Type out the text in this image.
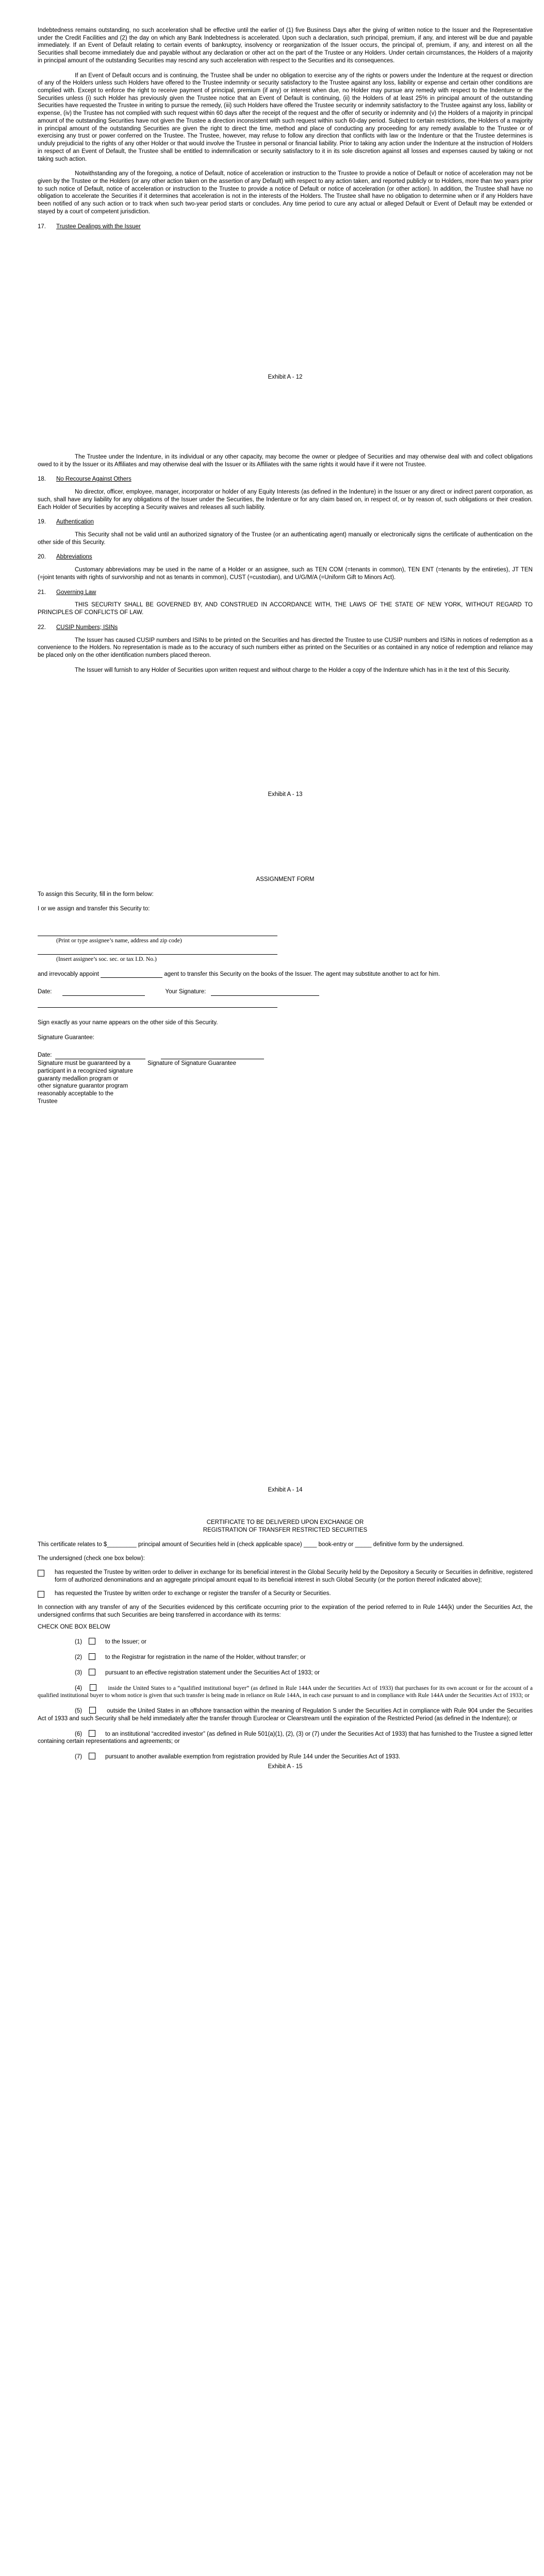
Indebtedness remains outstanding, no such acceleration shall be effective until the earlier of (1) five Business Days after the giving of written notice to the Issuer and the Representative under the Credit Facilities and (2) the day on which any Bank Indebtedness is accelerated. Upon such a declaration, such principal, premium, if any, and interest will be due and payable immediately. If an Event of Default relating to certain events of bankruptcy, insolvency or reorganization of the Issuer occurs, the principal of, premium, if any, and interest on all the Securities shall become immediately due and payable without any declaration or other act on the part of the Trustee or any Holders. Under certain circumstances, the Holders of a majority in principal amount of the outstanding Securities may rescind any such acceleration with respect to the Securities and its consequences.

If an Event of Default occurs and is continuing, the Trustee shall be under no obligation to exercise any of the rights or powers under the Indenture at the request or direction of any of the Holders unless such Holders have offered to the Trustee indemnity or security satisfactory to the Trustee against any loss, liability or expense and certain other conditions are complied with. Except to enforce the right to receive payment of principal, premium (if any) or interest when due, no Holder may pursue any remedy with respect to the Indenture or the Securities unless (i) such Holder has previously given the Trustee notice that an Event of Default is continuing, (ii) the Holders of at least 25% in principal amount of the outstanding Securities have requested the Trustee in writing to pursue the remedy, (iii) such Holders have offered the Trustee security or indemnity satisfactory to the Trustee against any loss, liability or expense, (iv) the Trustee has not complied with such request within 60 days after the receipt of the request and the offer of security or indemnity and (v) the Holders of a majority in principal amount of the outstanding Securities have not given the Trustee a direction inconsistent with such request within such 60-day period. Subject to certain restrictions, the Holders of a majority in principal amount of the outstanding Securities are given the right to direct the time, method and place of conducting any proceeding for any remedy available to the Trustee or of exercising any trust or power conferred on the Trustee. The Trustee, however, may refuse to follow any direction that conflicts with law or the Indenture or that the Trustee determines is unduly prejudicial to the rights of any other Holder or that would involve the Trustee in personal or financial liability. Prior to taking any action under the Indenture at the instruction of Holders in respect of an Event of Default, the Trustee shall be entitled to indemnification or security satisfactory to it in its sole discretion against all losses and expenses caused by taking or not taking such action.

Notwithstanding any of the foregoing, a notice of Default, notice of acceleration or instruction to the Trustee to provide a notice of Default or notice of acceleration may not be given by the Trustee or the Holders (or any other action taken on the assertion of any Default) with respect to any action taken, and reported publicly or to Holders, more than two years prior to such notice of Default, notice of acceleration or instruction to the Trustee to provide a notice of Default or notice of acceleration (or other action). In addition, the Trustee shall have no obligation to accelerate the Securities if it determines that acceleration is not in the interests of the Holders. The Trustee shall have no obligation to determine when or if any Holders have been notified of any such action or to track when such two-year period starts or concludes. Any time period to cure any actual or alleged Default or Event of Default may be extended or stayed by a court of competent jurisdiction.

17.	Trustee Dealings with the Issuer
Exhibit A - 12

The Trustee under the Indenture, in its individual or any other capacity, may become the owner or pledgee of Securities and may otherwise deal with and collect obligations owed to it by the Issuer or its Affiliates and may otherwise deal with the Issuer or its Affiliates with the same rights it would have if it were not Trustee.

18.	No Recourse Against Others

No director, officer, employee, manager, incorporator or holder of any Equity Interests (as defined in the Indenture) in the Issuer or any direct or indirect parent corporation, as such, shall have any liability for any obligations of the Issuer under the Securities, the Indenture or for any claim based on, in respect of, or by reason of, such obligations or their creation. Each Holder of Securities by accepting a Security waives and releases all such liability.

19.	Authentication

This Security shall not be valid until an authorized signatory of the Trustee (or an authenticating agent) manually or electronically signs the certificate of authentication on the other side of this Security.

20.	Abbreviations

Customary abbreviations may be used in the name of a Holder or an assignee, such as TEN COM (=tenants in common), TEN ENT (=tenants by the entireties), JT TEN (=joint tenants with rights of survivorship and not as tenants in common), CUST (=custodian), and U/G/M/A (=Uniform Gift to Minors Act).

21.	Governing Law

THIS SECURITY SHALL BE GOVERNED BY, AND CONSTRUED IN ACCORDANCE WITH, THE LAWS OF THE STATE OF NEW YORK, WITHOUT REGARD TO PRINCIPLES OF CONFLICTS OF LAW.

22.	CUSIP Numbers; ISINs

The Issuer has caused CUSIP numbers and ISINs to be printed on the Securities and has directed the Trustee to use CUSIP numbers and ISINs in notices of redemption as a convenience to the Holders. No representation is made as to the accuracy of such numbers either as printed on the Securities or as contained in any notice of redemption and reliance may be placed only on the other identification numbers placed thereon.

The Issuer will furnish to any Holder of Securities upon written request and without charge to the Holder a copy of the Indenture which has in it the text of this Security.

Exhibit A - 13
ASSIGNMENT FORM

To assign this Security, fill in the form below:

I or we assign and transfer this Security to:

(Print or type assignee’s name, address and zip code)
(Insert assignee’s soc. sec. or tax I.D. No.)
and irrevocably appoint	agent to transfer this Security on the books of the Issuer. The agent may substitute another to act for him.
Date:	Your Signature:

Sign exactly as your name appears on the other side of this Security.

Signature Guarantee:

Date:
Signature must be guaranteed by a participant in a recognized signature guaranty medallion program or other signature guarantor program reasonably acceptable to the Trustee
Signature of Signature Guarantee
Exhibit A - 14
CERTIFICATE TO BE DELIVERED UPON EXCHANGE OR
REGISTRATION OF TRANSFER RESTRICTED SECURITIES

This certificate relates to $_________ principal amount of Securities held in (check applicable space) ____ book-entry or _____ definitive form by the undersigned.

The undersigned (check one box below):

has requested the Trustee by written order to deliver in exchange for its beneficial interest in the Global Security held by the Depository a Security or Securities in definitive, registered form of authorized denominations and an aggregate principal amount equal to its beneficial interest in such Global Security (or the portion thereof indicated above);

has requested the Trustee by written order to exchange or register the transfer of a Security or Securities.

In connection with any transfer of any of the Securities evidenced by this certificate occurring prior to the expiration of the period referred to in Rule 144(k) under the Securities Act, the undersigned confirms that such Securities are being transferred in accordance with its terms:

CHECK ONE BOX BELOW

(1)	to the Issuer; or

(2)	to the Registrar for registration in the name of the Holder, without transfer; or

(3)	pursuant to an effective registration statement under the Securities Act of 1933; or

(4)	inside the United States to a “qualified institutional buyer” (as defined in Rule 144A under the Securities Act of 1933) that purchases for its own account or for the account of a qualified institutional buyer to whom notice is given that such transfer is being made in reliance on Rule 144A, in each case pursuant to and in compliance with Rule 144A under the Securities Act of 1933; or

(5)	outside the United States in an offshore transaction within the meaning of Regulation S under the Securities Act in compliance with Rule 904 under the Securities Act of 1933 and such Security shall be held immediately after the transfer through Euroclear or Clearstream until the expiration of the Restricted Period (as defined in the Indenture); or

(6)	to an institutional “accredited investor” (as defined in Rule 501(a)(1), (2), (3) or (7) under the Securities Act of 1933) that has furnished to the Trustee a signed letter containing certain representations and agreements; or

(7)	pursuant to another available exemption from registration provided by Rule 144 under the Securities Act of 1933.

Exhibit A - 15
